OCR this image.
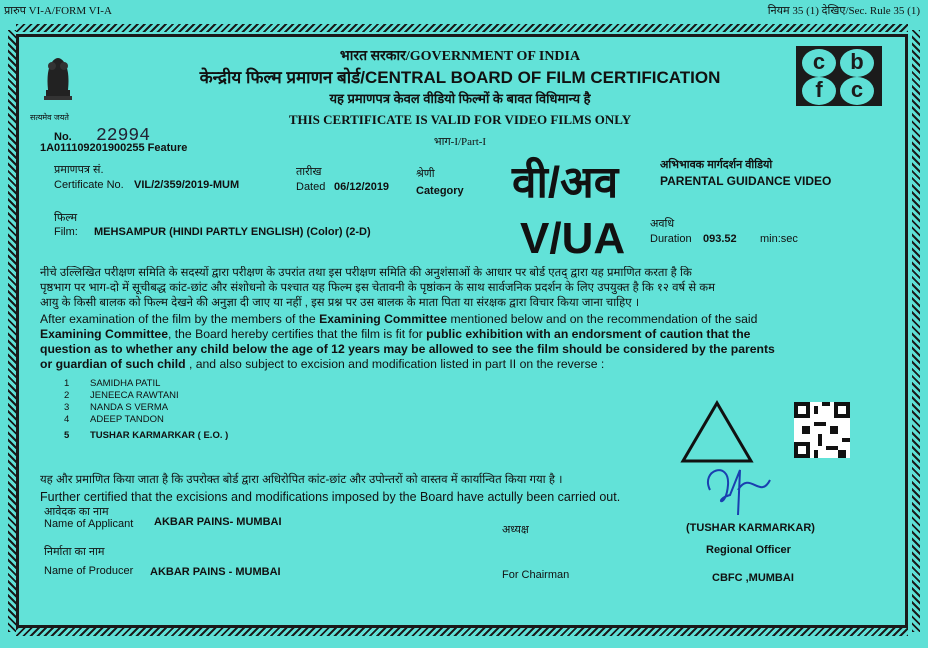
प्रारुप VI-A/FORM VI-A	नियम 35 (1) देखिए/Sec. Rule 35 (1)
सत्यमेव जयते
भारत सरकार/GOVERNMENT OF INDIA
केन्द्रीय फिल्म प्रमाणन बोर्ड/CENTRAL BOARD OF FILM CERTIFICATION
यह प्रमाणपत्र केवल वीडियो फिल्मों के बावत विधिमान्य है
THIS CERTIFICATE IS VALID FOR VIDEO FILMS ONLY
भाग-I/Part-I
c	b
f	c
No. 22994
1A011109201900255 Feature
प्रमाणपत्र सं.
Certificate No. VIL/2/359/2019-MUM
तारीख
Dated 06/12/2019
श्रेणी
Category वी/अव
V/UA
अभिभावक मार्गदर्शन वीडियो
PARENTAL GUIDANCE VIDEO
फिल्म
Film: MEHSAMPUR (HINDI PARTLY ENGLISH) (Color) (2-D)
अवधि
Duration 093.52 min:sec
नीचे उल्लिखित परीक्षण समिति के सदस्यों द्वारा परीक्षण के उपरांत तथा इस परीक्षण समिति की अनुशंसाओं के आधार पर बोर्ड एतद् द्वारा यह प्रमाणित करता है कि
पृष्ठभाग पर भाग-दो में सूचीबद्ध कांट-छांट और संशोधनो के पश्चात यह फिल्म इस चेतावनी के पृष्ठांकन के साथ सार्वजनिक प्रदर्शन के लिए उपयुक्त है कि १२ वर्ष से कम
आयु के किसी बालक को फिल्म देखने की अनुज्ञा दी जाए या नहीं , इस प्रश्न पर उस बालक के माता पिता या संरक्षक द्वारा विचार किया जाना चाहिए ।
After examination of the film by the members of the Examining Committee mentioned below and on the recommendation of the said
Examining Committee, the Board hereby certifies that the film is fit for public exhibition with an endorsment of caution that the
question as to whether any child below the age of 12 years may be allowed to see the film should be considered by the parents
or guardian of such child , and also subject to excision and modification listed in part II on the reverse :
1 SAMIDHA PATIL
2 JENEECA RAWTANI
3 NANDA S VERMA
4 ADEEP TANDON
5 TUSHAR KARMARKAR ( E.O. )
यह और प्रमाणित किया जाता है कि उपरोक्त बोर्ड द्वारा अधिरोपित कांट-छांट और उपोन्तरों को वास्तव में कार्यान्वित किया गया है ।
Further certified that the excisions and modifications imposed by the Board have actully been carried out.
आवेदक का नाम
Name of Applicant AKBAR PAINS- MUMBAI
निर्माता का नाम
Name of Producer AKBAR PAINS - MUMBAI
अध्यक्ष
For Chairman
(TUSHAR KARMARKAR)
Regional Officer
CBFC ,MUMBAI
